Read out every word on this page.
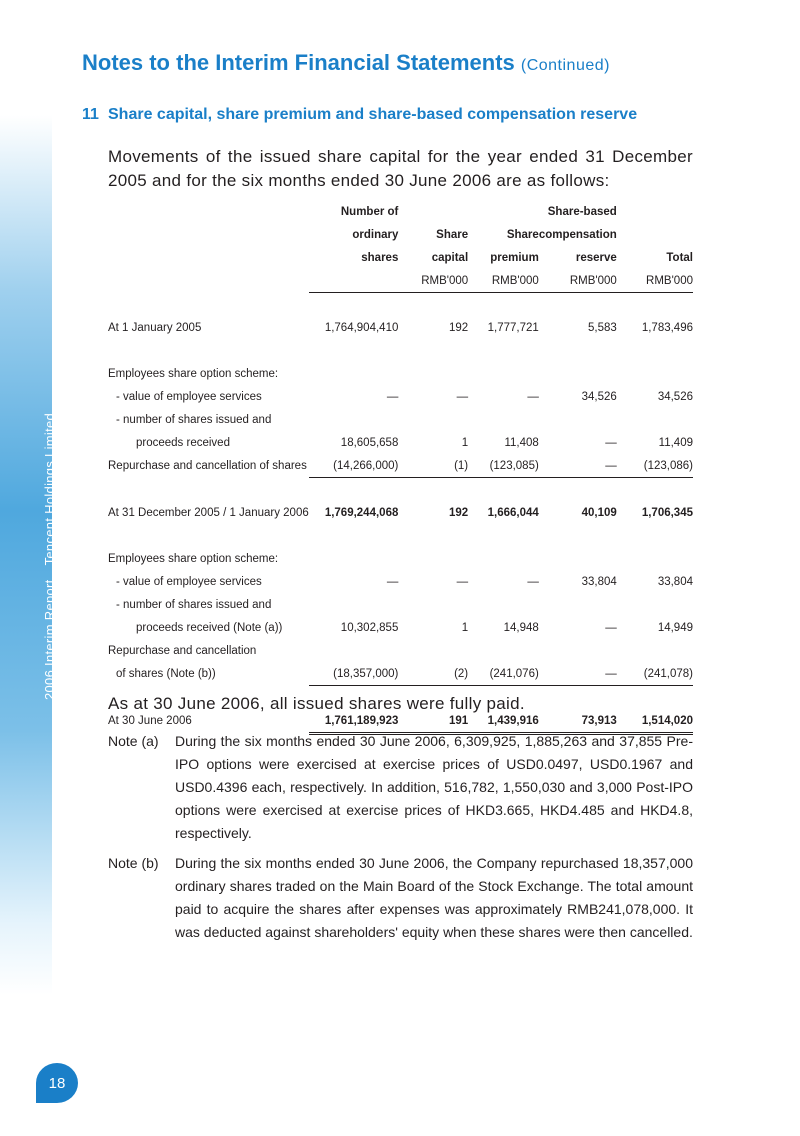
2006 Interim ReportTencent Holdings Limited
18
Notes to the Interim Financial Statements (Continued)
11 Share capital, share premium and share-based compensation reserve
Movements of the issued share capital for the year ended 31 December 2005 and for the six months ended 30 June 2006 are as follows:
	Number of			Share-based	
	ordinary	Share	Share	compensation	
	shares	capital	premium	reserve	Total
		RMB'000	RMB'000	RMB'000	RMB'000

At 1 January 2005	1,764,904,410	192	1,777,721	5,583	1,783,496

Employees share option scheme:					
- value of employee services	—	—	—	34,526	34,526
- number of shares issued and					
proceeds received	18,605,658	1	11,408	—	11,409
Repurchase and cancellation of shares	(14,266,000)	(1)	(123,085)	—	(123,086)

At 31 December 2005 / 1 January 2006	1,769,244,068	192	1,666,044	40,109	1,706,345

Employees share option scheme:					
- value of employee services	—	—	—	33,804	33,804
- number of shares issued and					
proceeds received (Note (a))	10,302,855	1	14,948	—	14,949
Repurchase and cancellation					
of shares (Note (b))	(18,357,000)	(2)	(241,076)	—	(241,078)

At 30 June 2006	1,761,189,923	191	1,439,916	73,913	1,514,020
As at 30 June 2006, all issued shares were fully paid.
Note (a)	During the six months ended 30 June 2006, 6,309,925, 1,885,263 and 37,855 Pre-IPO options were exercised at exercise prices of USD0.0497, USD0.1967 and USD0.4396 each, respectively. In addition, 516,782, 1,550,030 and 3,000 Post-IPO options were exercised at exercise prices of HKD3.665, HKD4.485 and HKD4.8, respectively.
Note (b)	During the six months ended 30 June 2006, the Company repurchased 18,357,000 ordinary shares traded on the Main Board of the Stock Exchange. The total amount paid to acquire the shares after expenses was approximately RMB241,078,000. It was deducted against shareholders' equity when these shares were then cancelled.
